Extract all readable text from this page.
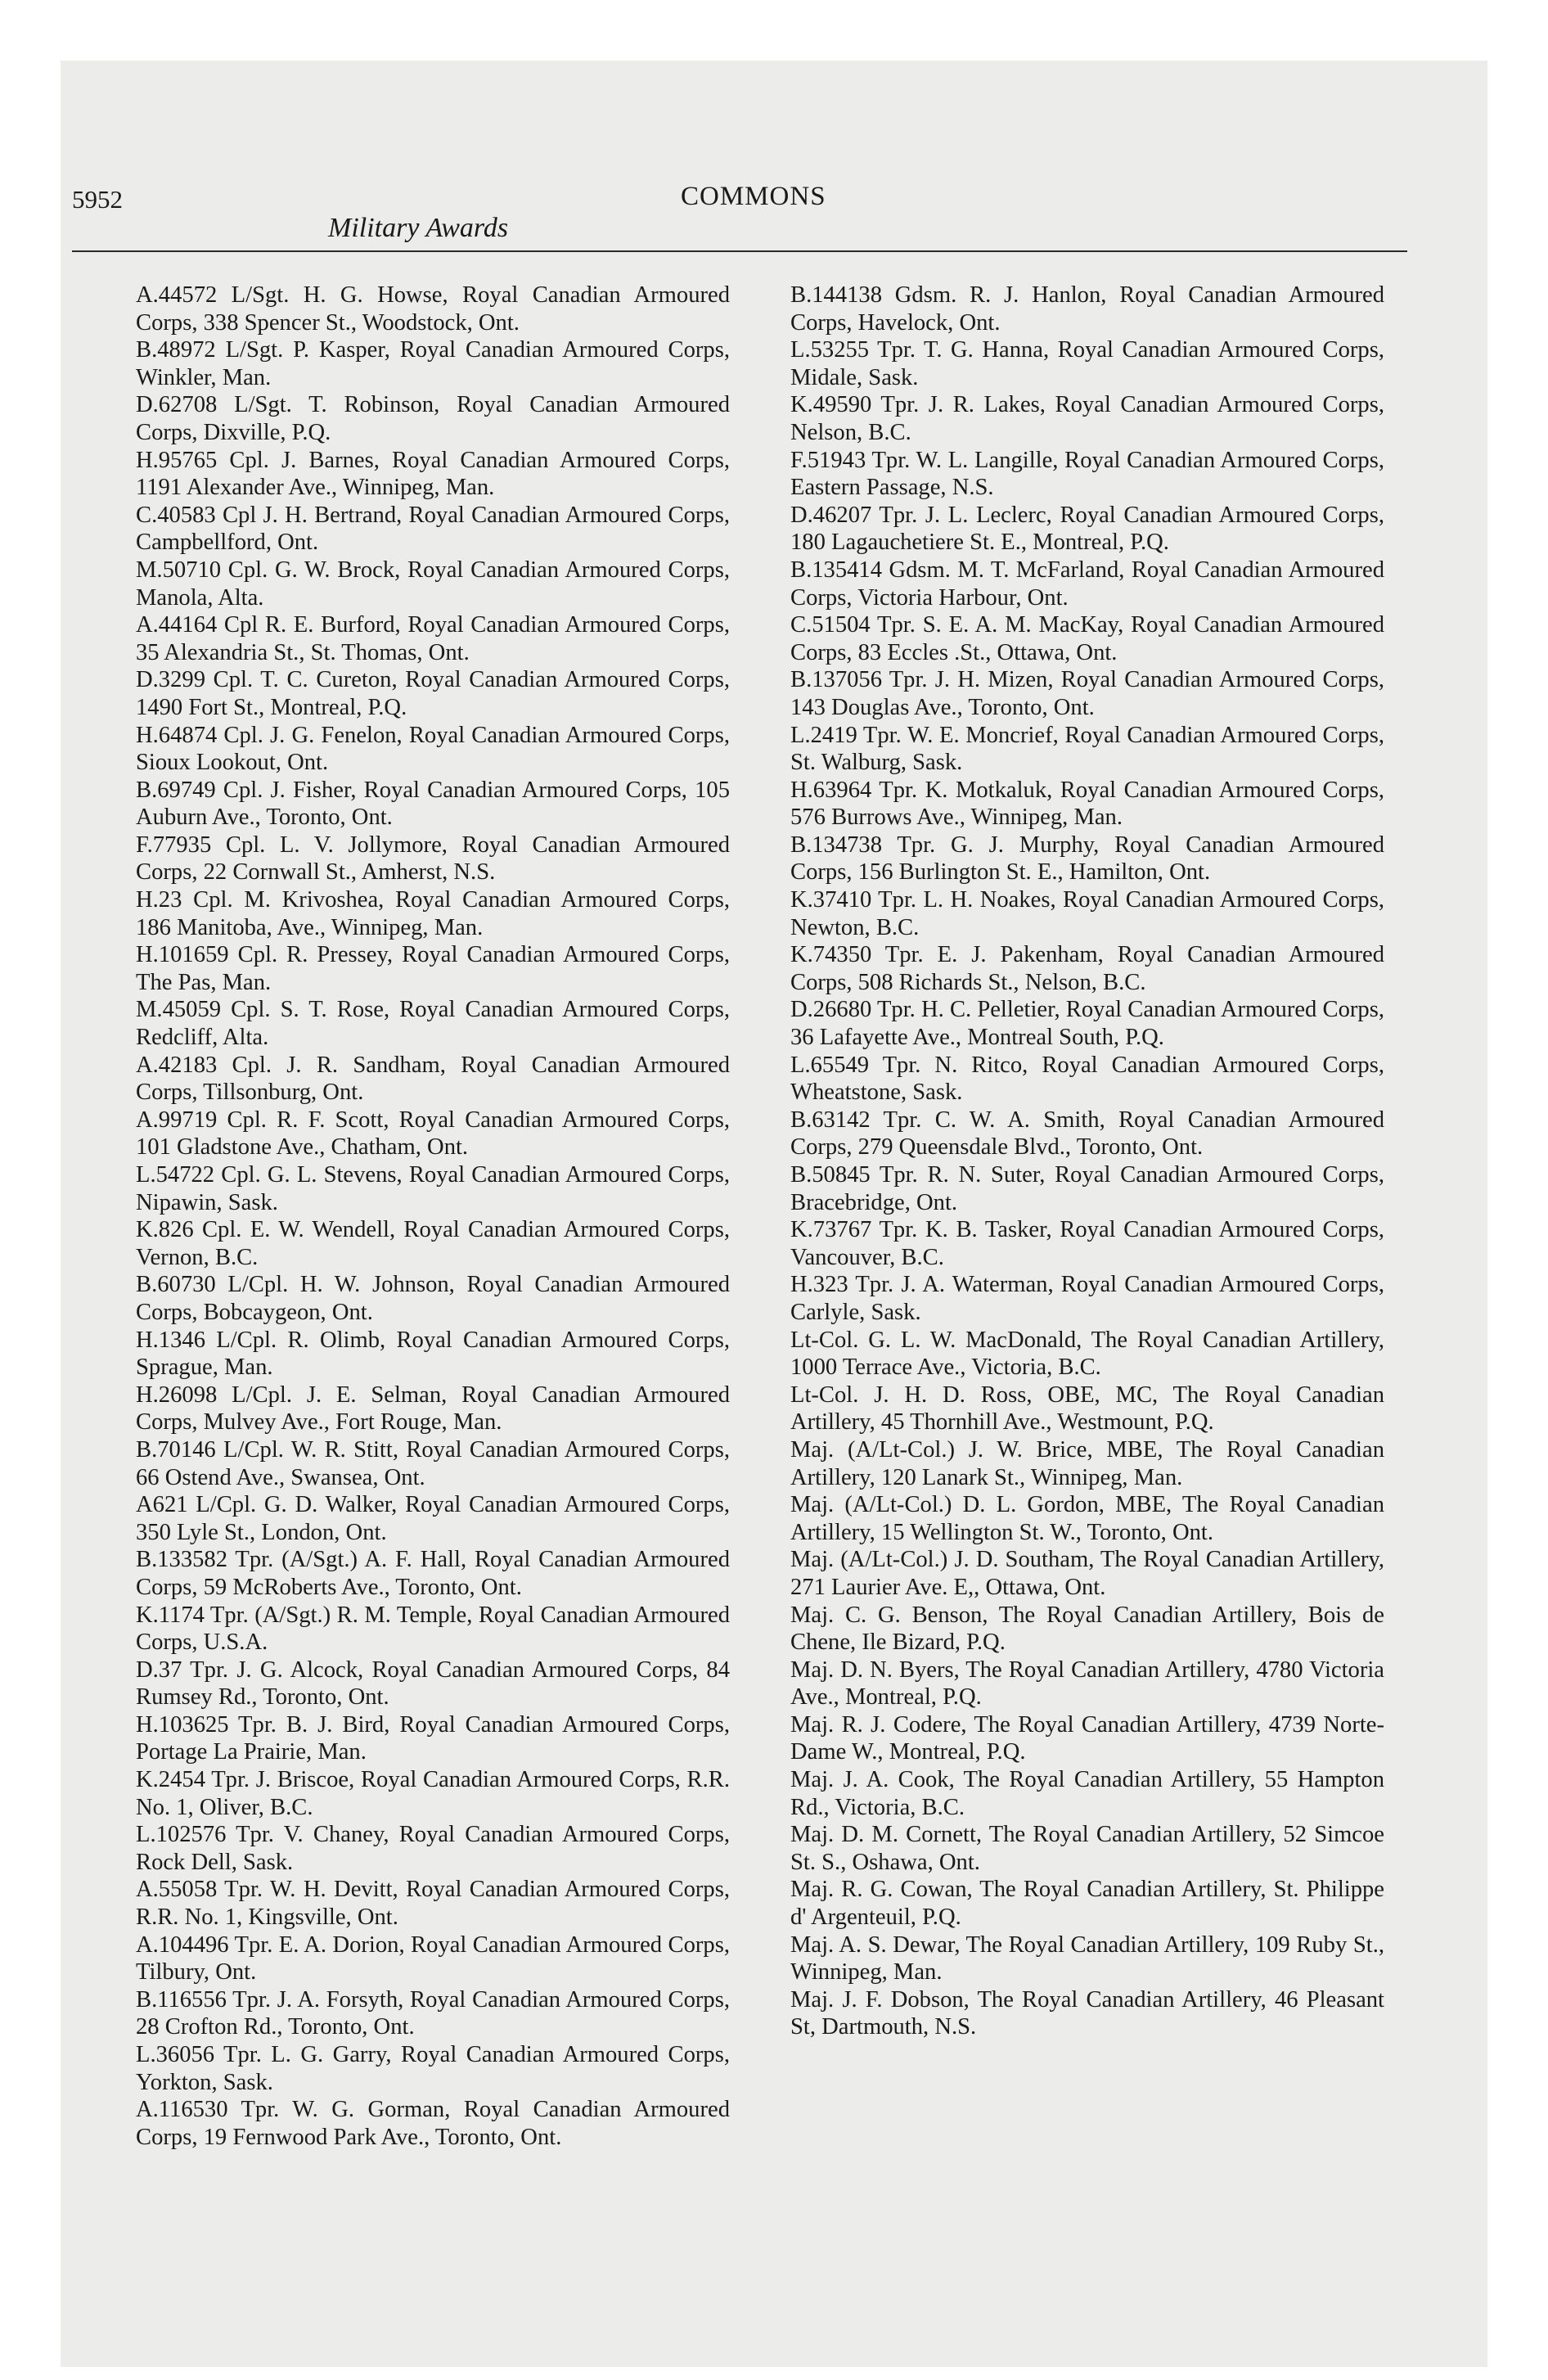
5952	COMMONS
Military Awards

A.44572 L/Sgt. H. G. Howse, Royal Canadian Armoured Corps, 338 Spencer St., Woodstock, Ont.

B.48972 L/Sgt. P. Kasper, Royal Canadian Armoured Corps, Winkler, Man.

D.62708 L/Sgt. T. Robinson, Royal Canadian Armoured Corps, Dixville, P.Q.

H.95765 Cpl. J. Barnes, Royal Canadian Armoured Corps, 1191 Alexander Ave., Winnipeg, Man.

C.40583 Cpl J. H. Bertrand, Royal Canadian Armoured Corps, Campbellford, Ont.

M.50710 Cpl. G. W. Brock, Royal Canadian Armoured Corps, Manola, Alta.

A.44164 Cpl R. E. Burford, Royal Canadian Armoured Corps, 35 Alexandria St., St. Thomas, Ont.

D.3299 Cpl. T. C. Cureton, Royal Canadian Armoured Corps, 1490 Fort St., Montreal, P.Q.

H.64874 Cpl. J. G. Fenelon, Royal Canadian Armoured Corps, Sioux Lookout, Ont.

B.69749 Cpl. J. Fisher, Royal Canadian Armoured Corps, 105 Auburn Ave., Toronto, Ont.

F.77935 Cpl. L. V. Jollymore, Royal Canadian Armoured Corps, 22 Cornwall St., Amherst, N.S.

H.23 Cpl. M. Krivoshea, Royal Canadian Armoured Corps, 186 Manitoba, Ave., Winnipeg, Man.

H.101659 Cpl. R. Pressey, Royal Canadian Armoured Corps, The Pas, Man.

M.45059 Cpl. S. T. Rose, Royal Canadian Armoured Corps, Redcliff, Alta.

A.42183 Cpl. J. R. Sandham, Royal Canadian Armoured Corps, Tillsonburg, Ont.

A.99719 Cpl. R. F. Scott, Royal Canadian Armoured Corps, 101 Gladstone Ave., Chatham, Ont.

L.54722 Cpl. G. L. Stevens, Royal Canadian Armoured Corps, Nipawin, Sask.

K.826 Cpl. E. W. Wendell, Royal Canadian Armoured Corps, Vernon, B.C.

B.60730 L/Cpl. H. W. Johnson, Royal Canadian Armoured Corps, Bobcaygeon, Ont.

H.1346 L/Cpl. R. Olimb, Royal Canadian Armoured Corps, Sprague, Man.

H.26098 L/Cpl. J. E. Selman, Royal Canadian Armoured Corps, Mulvey Ave., Fort Rouge, Man.

B.70146 L/Cpl. W. R. Stitt, Royal Canadian Armoured Corps, 66 Ostend Ave., Swansea, Ont.

A621 L/Cpl. G. D. Walker, Royal Canadian Armoured Corps, 350 Lyle St., London, Ont.

B.133582 Tpr. (A/Sgt.) A. F. Hall, Royal Canadian Armoured Corps, 59 McRoberts Ave., Toronto, Ont.

K.1174 Tpr. (A/Sgt.) R. M. Temple, Royal Canadian Armoured Corps, U.S.A.

D.37 Tpr. J. G. Alcock, Royal Canadian Armoured Corps, 84 Rumsey Rd., Toronto, Ont.

H.103625 Tpr. B. J. Bird, Royal Canadian Armoured Corps, Portage La Prairie, Man.

K.2454 Tpr. J. Briscoe, Royal Canadian Armoured Corps, R.R. No. 1, Oliver, B.C.

L.102576 Tpr. V. Chaney, Royal Canadian Armoured Corps, Rock Dell, Sask.

A.55058 Tpr. W. H. Devitt, Royal Canadian Armoured Corps, R.R. No. 1, Kingsville, Ont.

A.104496 Tpr. E. A. Dorion, Royal Canadian Armoured Corps, Tilbury, Ont.

B.116556 Tpr. J. A. Forsyth, Royal Canadian Armoured Corps, 28 Crofton Rd., Toronto, Ont.

L.36056 Tpr. L. G. Garry, Royal Canadian Armoured Corps, Yorkton, Sask.

A.116530 Tpr. W. G. Gorman, Royal Canadian Armoured Corps, 19 Fernwood Park Ave., Toronto, Ont.

B.144138 Gdsm. R. J. Hanlon, Royal Canadian Armoured Corps, Havelock, Ont.

L.53255 Tpr. T. G. Hanna, Royal Canadian Armoured Corps, Midale, Sask.

K.49590 Tpr. J. R. Lakes, Royal Canadian Armoured Corps, Nelson, B.C.

F.51943 Tpr. W. L. Langille, Royal Canadian Armoured Corps, Eastern Passage, N.S.

D.46207 Tpr. J. L. Leclerc, Royal Canadian Armoured Corps, 180 Lagauchetiere St. E., Montreal, P.Q.

B.135414 Gdsm. M. T. McFarland, Royal Canadian Armoured Corps, Victoria Harbour, Ont.

C.51504 Tpr. S. E. A. M. MacKay, Royal Canadian Armoured Corps, 83 Eccles .St., Ottawa, Ont.

B.137056 Tpr. J. H. Mizen, Royal Canadian Armoured Corps, 143 Douglas Ave., Toronto, Ont.

L.2419 Tpr. W. E. Moncrief, Royal Canadian Armoured Corps, St. Walburg, Sask.

H.63964 Tpr. K. Motkaluk, Royal Canadian Armoured Corps, 576 Burrows Ave., Winnipeg, Man.

B.134738 Tpr. G. J. Murphy, Royal Canadian Armoured Corps, 156 Burlington St. E., Hamilton, Ont.

K.37410 Tpr. L. H. Noakes, Royal Canadian Armoured Corps, Newton, B.C.

K.74350 Tpr. E. J. Pakenham, Royal Canadian Armoured Corps, 508 Richards St., Nelson, B.C.

D.26680 Tpr. H. C. Pelletier, Royal Canadian Armoured Corps, 36 Lafayette Ave., Montreal South, P.Q.

L.65549 Tpr. N. Ritco, Royal Canadian Armoured Corps, Wheatstone, Sask.

B.63142 Tpr. C. W. A. Smith, Royal Canadian Armoured Corps, 279 Queensdale Blvd., Toronto, Ont.

B.50845 Tpr. R. N. Suter, Royal Canadian Armoured Corps, Bracebridge, Ont.

K.73767 Tpr. K. B. Tasker, Royal Canadian Armoured Corps, Vancouver, B.C.

H.323 Tpr. J. A. Waterman, Royal Canadian Armoured Corps, Carlyle, Sask.

Lt-Col. G. L. W. MacDonald, The Royal Canadian Artillery, 1000 Terrace Ave., Victoria, B.C.

Lt-Col. J. H. D. Ross, OBE, MC, The Royal Canadian Artillery, 45 Thornhill Ave., Westmount, P.Q.

Maj. (A/Lt-Col.) J. W. Brice, MBE, The Royal Canadian Artillery, 120 Lanark St., Winnipeg, Man.

Maj. (A/Lt-Col.) D. L. Gordon, MBE, The Royal Canadian Artillery, 15 Wellington St. W., Toronto, Ont.

Maj. (A/Lt-Col.) J. D. Southam, The Royal Canadian Artillery, 271 Laurier Ave. E,, Ottawa, Ont.

Maj. C. G. Benson, The Royal Canadian Artillery, Bois de Chene, Ile Bizard, P.Q.

Maj. D. N. Byers, The Royal Canadian Artillery, 4780 Victoria Ave., Montreal, P.Q.

Maj. R. J. Codere, The Royal Canadian Artillery, 4739 Norte-Dame W., Montreal, P.Q.

Maj. J. A. Cook, The Royal Canadian Artillery, 55 Hampton Rd., Victoria, B.C.

Maj. D. M. Cornett, The Royal Canadian Artillery, 52 Simcoe St. S., Oshawa, Ont.

Maj. R. G. Cowan, The Royal Canadian Artillery, St. Philippe d' Argenteuil, P.Q.

Maj. A. S. Dewar, The Royal Canadian Artillery, 109 Ruby St., Winnipeg, Man.

Maj. J. F. Dobson, The Royal Canadian Artillery, 46 Pleasant St, Dartmouth, N.S.
